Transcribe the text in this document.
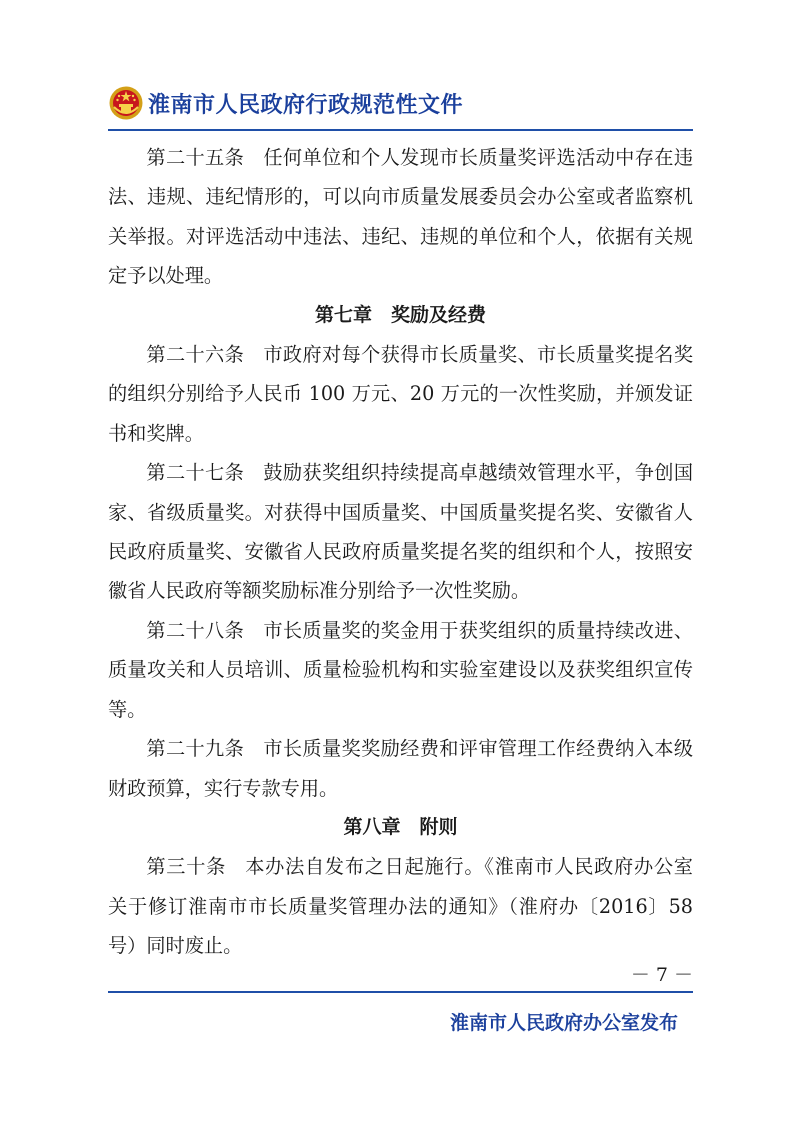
淮南市人民政府行政规范性文件

第二十五条 任何单位和个人发现市长质量奖评选活动中存在违法、违规、违纪情形的，可以向市质量发展委员会办公室或者监察机关举报。对评选活动中违法、违纪、违规的单位和个人，依据有关规定予以处理。

第七章 奖励及经费

第二十六条 市政府对每个获得市长质量奖、市长质量奖提名奖的组织分别给予人民币 100 万元、20 万元的一次性奖励，并颁发证书和奖牌。

第二十七条 鼓励获奖组织持续提高卓越绩效管理水平，争创国家、省级质量奖。对获得中国质量奖、中国质量奖提名奖、安徽省人民政府质量奖、安徽省人民政府质量奖提名奖的组织和个人，按照安徽省人民政府等额奖励标准分别给予一次性奖励。

第二十八条 市长质量奖的奖金用于获奖组织的质量持续改进、质量攻关和人员培训、质量检验机构和实验室建设以及获奖组织宣传等。

第二十九条 市长质量奖奖励经费和评审管理工作经费纳入本级财政预算，实行专款专用。

第八章 附则

第三十条 本办法自发布之日起施行。《淮南市人民政府办公室关于修订淮南市市长质量奖管理办法的通知》（淮府办〔2016〕58 号）同时废止。

－ 7 －
淮南市人民政府办公室发布
